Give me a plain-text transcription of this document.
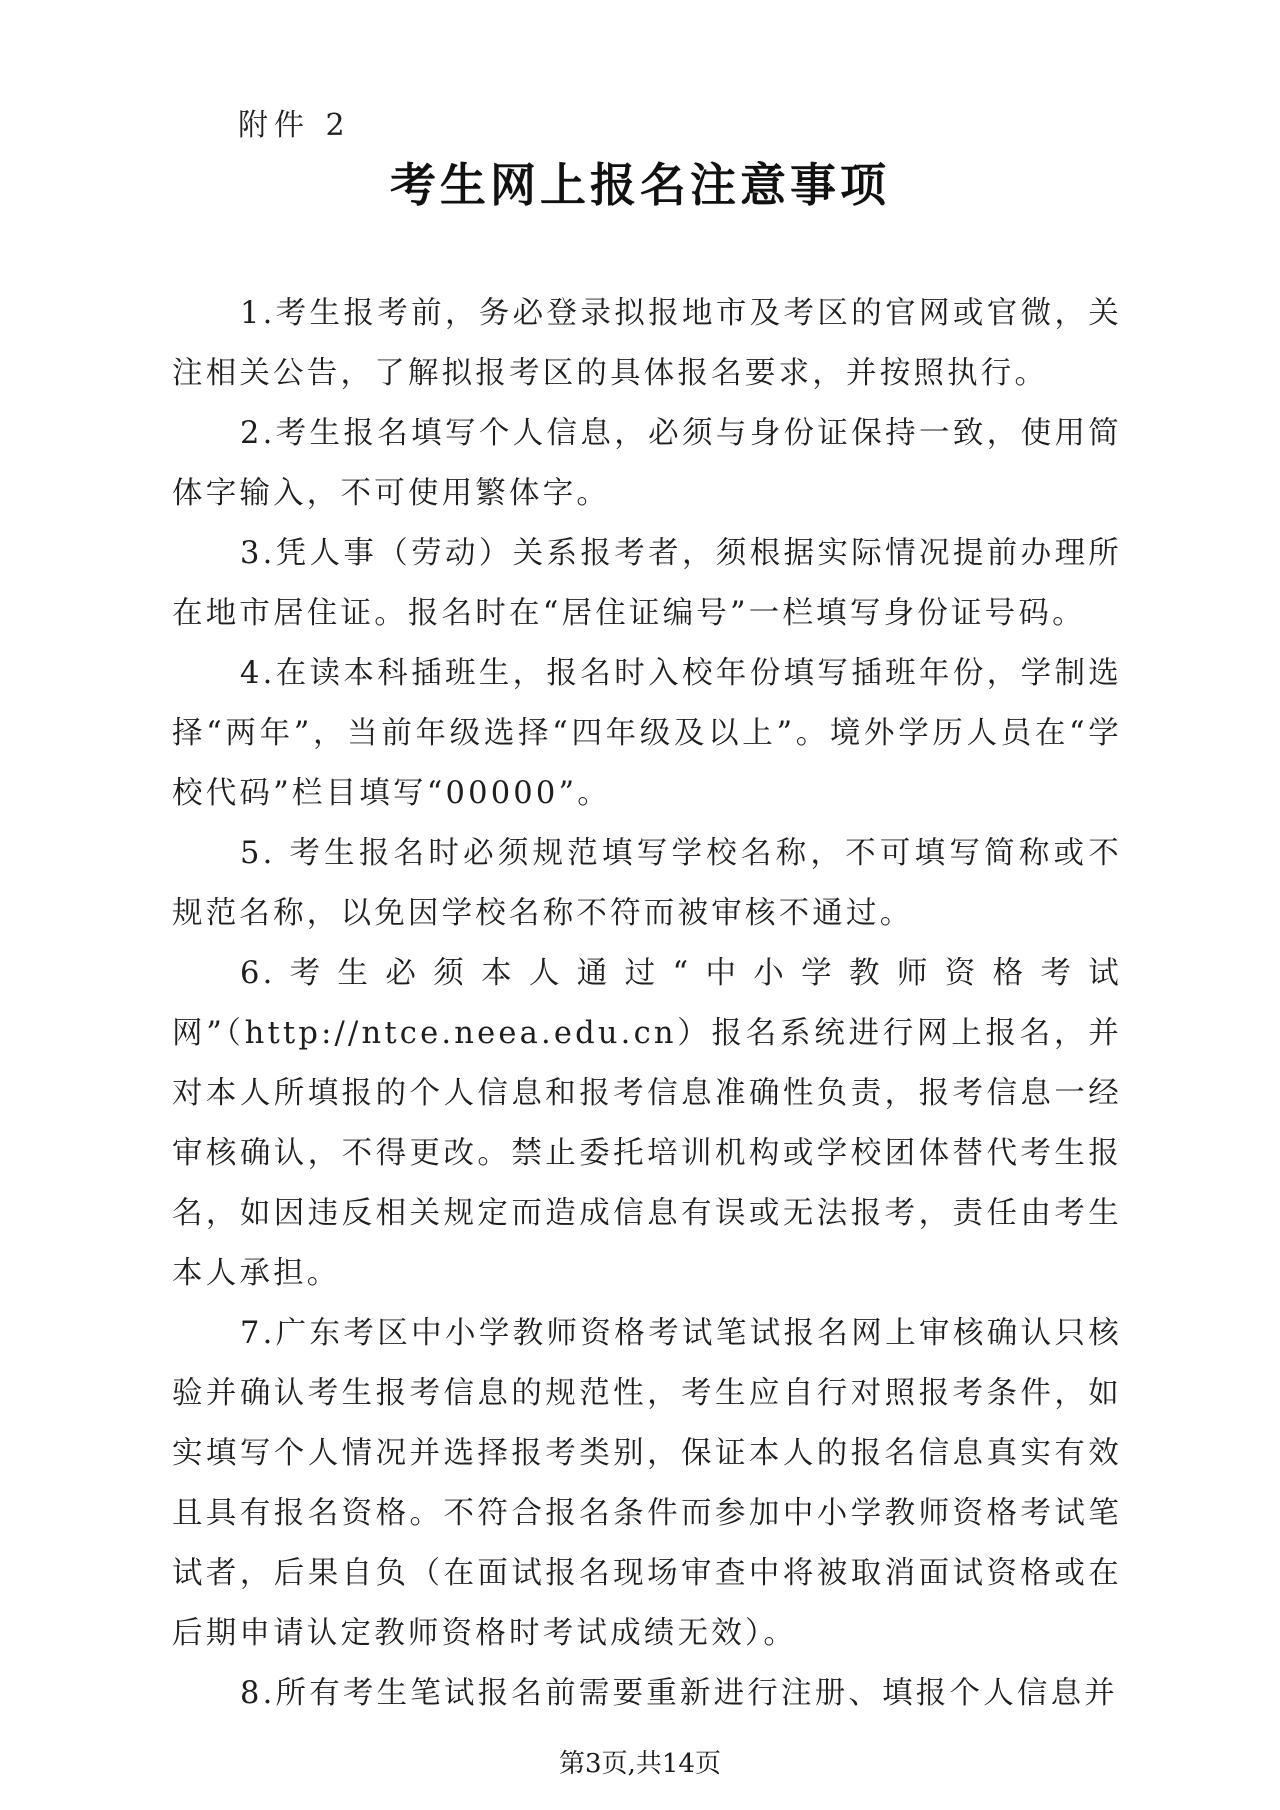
附件 2
考生网上报名注意事项

1.考生报考前，务必登录拟报地市及考区的官网或官微，关注相关公告，了解拟报考区的具体报名要求，并按照执行。

2.考生报名填写个人信息，必须与身份证保持一致，使用简体字输入，不可使用繁体字。

3.凭人事（劳动）关系报考者，须根据实际情况提前办理所在地市居住证。报名时在“居住证编号”一栏填写身份证号码。

4.在读本科插班生，报名时入校年份填写插班年份，学制选择“两年”，当前年级选择“四年级及以上”。境外学历人员在“学校代码”栏目填写“00000”。

5. 考生报名时必须规范填写学校名称，不可填写简称或不规范名称，以免因学校名称不符而被审核不通过。

6.考生必须本人通过“中小学教师资格考试网”（http://ntce.neea.edu.cn）报名系统进行网上报名，并对本人所填报的个人信息和报考信息准确性负责，报考信息一经审核确认，不得更改。禁止委托培训机构或学校团体替代考生报名，如因违反相关规定而造成信息有误或无法报考，责任由考生本人承担。

7.广东考区中小学教师资格考试笔试报名网上审核确认只核验并确认考生报考信息的规范性，考生应自行对照报考条件，如实填写个人情况并选择报考类别，保证本人的报名信息真实有效且具有报名资格。不符合报名条件而参加中小学教师资格考试笔试者，后果自负（在面试报名现场审查中将被取消面试资格或在后期申请认定教师资格时考试成绩无效）。

8.所有考生笔试报名前需要重新进行注册、填报个人信息并

第3页,共14页
